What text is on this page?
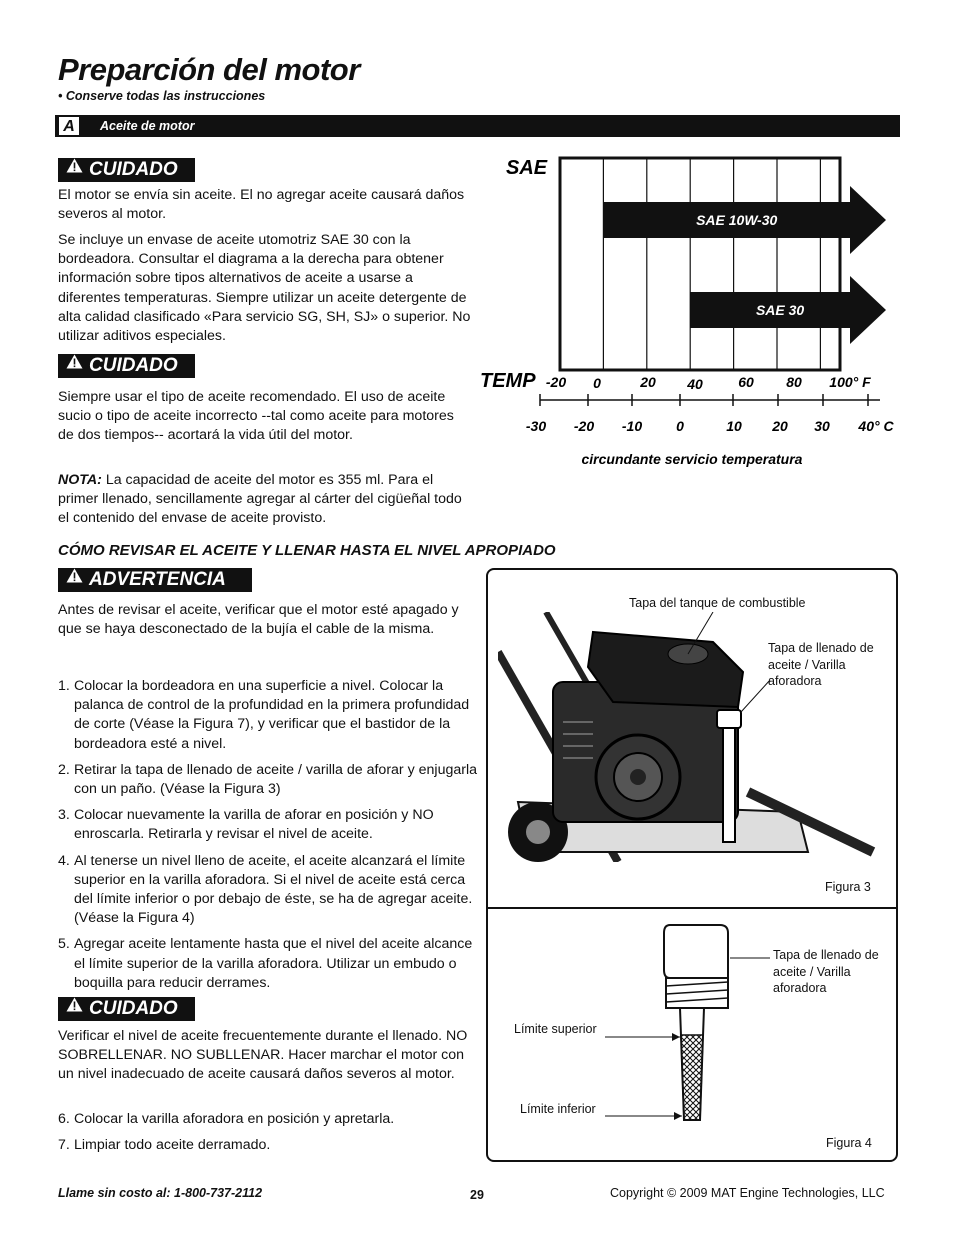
Preparción del motor
• Conserve todas las instrucciones
A	Aceite de motor
CUIDADO
El motor se envía sin aceite. El no agregar aceite causará daños severos al motor.
Se incluye un envase de aceite utomotriz SAE 30 con la bordeadora. Consultar el diagrama a la derecha para obtener información sobre tipos alternativos de aceite a usarse a diferentes temperaturas. Siempre utilizar un aceite detergente de alta calidad clasificado «Para servicio SG, SH, SJ» o superior. No utilizar aditivos especiales.
CUIDADO
Siempre usar el tipo de aceite recomendado. El uso de aceite sucio o tipo de aceite incorrecto --tal como aceite para motores de dos tiempos-- acortará la vida útil del motor.
NOTA: La capacidad de aceite del motor es 355 ml. Para el primer llenado, sencillamente agregar al cárter del cigüeñal todo el contenido del envase de aceite provisto.
SAE
SAE 10W-30
SAE 30
TEMP -20 0	20 40	60 80 100° F
-30 -20 -10 0	10 20 30 40° C
circundante servicio temperatura
CÓMO REVISAR EL ACEITE Y LLENAR HASTA EL NIVEL APROPIADO
ADVERTENCIA
Antes de revisar el aceite, verificar que el motor esté apagado y que se haya desconectado de la bujía el cable de la misma.
1. Colocar la bordeadora en una superficie a nivel. Colocar la palanca de control de la profundidad en la primera profundidad de corte (Véase la Figura 7), y verificar que el bastidor de la bordeadora esté a nivel.
2. Retirar la tapa de llenado de aceite / varilla de aforar y enjugarla con un paño. (Véase la Figura 3)
3. Colocar nuevamente la varilla de aforar en posición y NO enroscarla. Retirarla y revisar el nivel de aceite.
4. Al tenerse un nivel lleno de aceite, el aceite alcanzará el límite superior en la varilla aforadora. Si el nivel de aceite está cerca del límite inferior o por debajo de éste, se ha de agregar aceite. (Véase la Figura 4)
5. Agregar aceite lentamente hasta que el nivel del aceite alcance el límite superior de la varilla aforadora. Utilizar un embudo o boquilla para reducir derrames.
CUIDADO
Verificar el nivel de aceite frecuentemente durante el llenado. NO SOBRELLENAR. NO SUBLLENAR. Hacer marchar el motor con un nivel inadecuado de aceite causará daños severos al motor.
6. Colocar la varilla aforadora en posición y apretarla.
7. Limpiar todo aceite derramado.
Tapa del tanque de combustible
Tapa de llenado de aceite / Varilla aforadora
Figura 3
Tapa de llenado de aceite / Varilla aforadora
Límite superior
Límite inferior
Figura 4
Llame sin costo al: 1-800-737-2112	29	Copyright © 2009 MAT Engine Technologies, LLC
